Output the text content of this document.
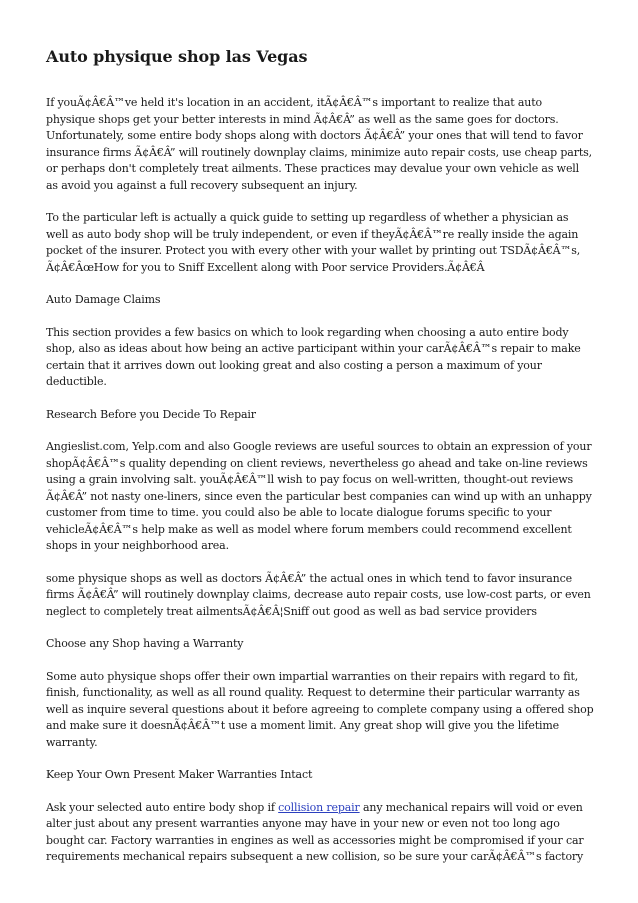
Auto physique shop las Vegas

If youÃ¢Â€Â™ve held it's location in an accident, itÃ¢Â€Â™s important to realize that auto physique shops get your better interests in mind Ã¢Â€Â” as well as the same goes for doctors. Unfortunately, some entire body shops along with doctors Ã¢Â€Â” your ones that will tend to favor insurance firms Ã¢Â€Â” will routinely downplay claims, minimize auto repair costs, use cheap parts, or perhaps don't completely treat ailments. These practices may devalue your own vehicle as well as avoid you against a full recovery subsequent an injury.

To the particular left is actually a quick guide to setting up regardless of whether a physician as well as auto body shop will be truly independent, or even if theyÃ¢Â€Â™re really inside the again pocket of the insurer. Protect you with every other with your wallet by printing out TSDÃ¢Â€Â™s, Ã¢Â€ÂœHow for you to Sniff Excellent along with Poor service Providers.Ã¢Â€Â

Auto Damage Claims

This section provides a few basics on which to look regarding when choosing a auto entire body shop, also as ideas about how being an active participant within your carÃ¢Â€Â™s repair to make certain that it arrives down out looking great and also costing a person a maximum of your deductible.

Research Before you Decide To Repair

Angieslist.com, Yelp.com and also Google reviews are useful sources to obtain an expression of your shopÃ¢Â€Â™s quality depending on client reviews, nevertheless go ahead and take on-line reviews using a grain involving salt. youÃ¢Â€Â™ll wish to pay focus on well-written, thought-out reviews Ã¢Â€Â” not nasty one-liners, since even the particular best companies can wind up with an unhappy customer from time to time. you could also be able to locate dialogue forums specific to your vehicleÃ¢Â€Â™s help make as well as model where forum members could recommend excellent shops in your neighborhood area.

some physique shops as well as doctors Ã¢Â€Â” the actual ones in which tend to favor insurance firms Ã¢Â€Â” will routinely downplay claims, decrease auto repair costs, use low-cost parts, or even neglect to completely treat ailmentsÃ¢Â€Â¦Sniff out good as well as bad service providers

Choose any Shop having a Warranty

Some auto physique shops offer their own impartial warranties on their repairs with regard to fit, finish, functionality, as well as all round quality. Request to determine their particular warranty as well as inquire several questions about it before agreeing to complete company using a offered shop and make sure it doesnÃ¢Â€Â™t use a moment limit. Any great shop will give you the lifetime warranty.

Keep Your Own Present Maker Warranties Intact

Ask your selected auto entire body shop if collision repair any mechanical repairs will void or even alter just about any present warranties anyone may have in your new or even not too long ago bought car. Factory warranties in engines as well as accessories might be compromised if your car requirements mechanical repairs subsequent a new collision, so be sure your carÃ¢Â€Â™s factory
